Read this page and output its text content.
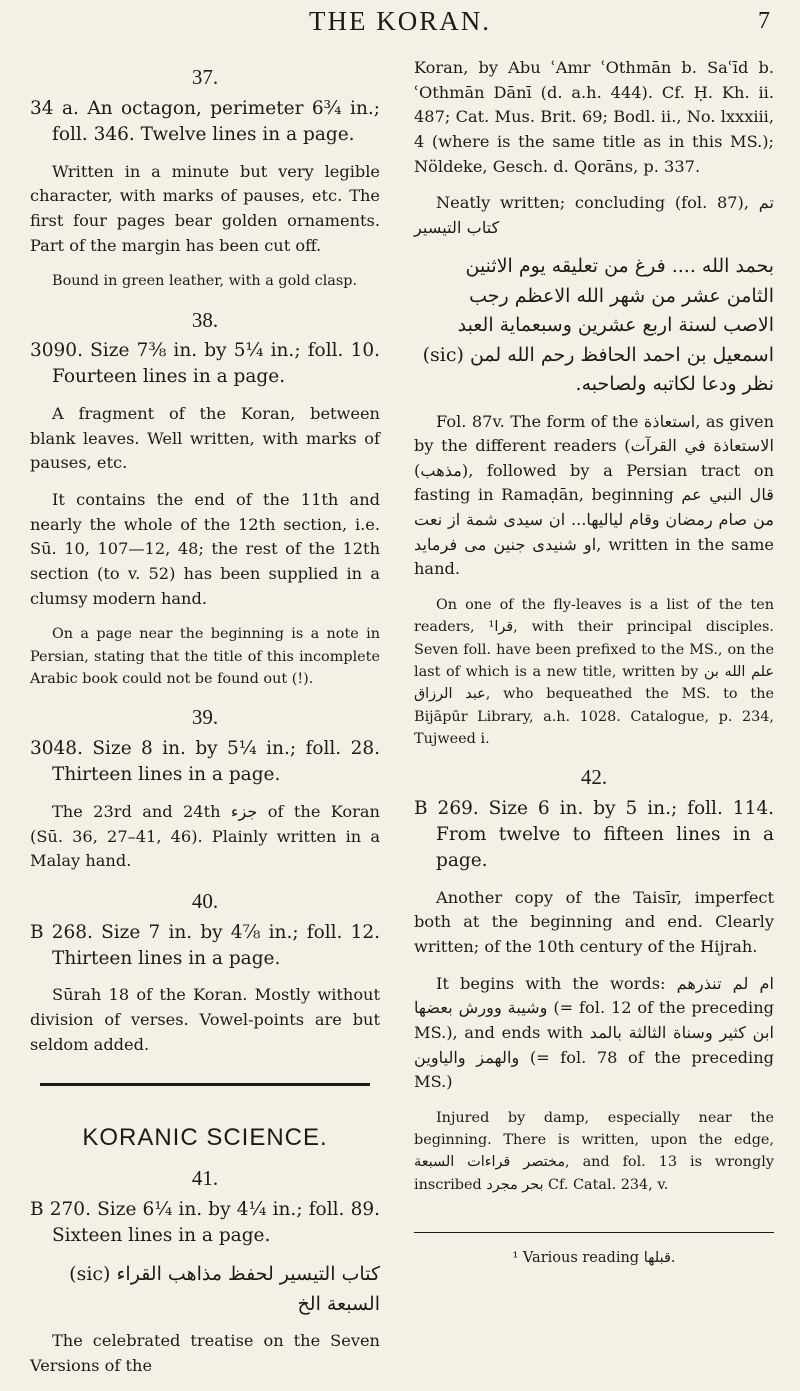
THE KORAN.	7
37.

34 a. An octagon, perimeter 6¾ in.; foll. 346. Twelve lines in a page.

Written in a minute but very legible character, with marks of pauses, etc. The first four pages bear golden ornaments. Part of the margin has been cut off.

Bound in green leather, with a gold clasp.

38.

3090. Size 7⅜ in. by 5¼ in.; foll. 10. Fourteen lines in a page.

A fragment of the Koran, between blank leaves. Well written, with marks of pauses, etc.

It contains the end of the 11th and nearly the whole of the 12th section, i.e. Sū. 10, 107—12, 48; the rest of the 12th section (to v. 52) has been supplied in a clumsy modern hand.

On a page near the beginning is a note in Persian, stating that the title of this incomplete Arabic book could not be found out (!).

39.

3048. Size 8 in. by 5¼ in.; foll. 28. Thirteen lines in a page.

The 23rd and 24th جزء of the Koran (Sū. 36, 27–41, 46). Plainly written in a Malay hand.

40.

B 268. Size 7 in. by 4⅞ in.; foll. 12. Thirteen lines in a page.

Sūrah 18 of the Koran. Mostly without division of verses. Vowel-points are but seldom added.

KORANIC SCIENCE.
41.

B 270. Size 6¼ in. by 4¼ in.; foll. 89. Sixteen lines in a page.

كتاب التيسير لحفظ مذاهب القراء (sic) السبعة الخ

The celebrated treatise on the Seven Versions of the

Koran, by Abu ʿAmr ʿOthmān b. Saʿīd b. ʿOthmān Dānī (d. a.h. 444). Cf. Ḥ. Kh. ii. 487; Cat. Mus. Brit. 69; Bodl. ii., No. lxxxiii, 4 (where is the same title as in this MS.); Nöldeke, Gesch. d. Qorāns, p. 337.

Neatly written; concluding (fol. 87), تم كتاب التيسير

بحمد الله .... فرغ من تعليقه يوم الاثنين الثامن عشر من شهر الله الاعظم رجب الاصب لسنة اربع عشرين وسبعماية العبد اسمعيل بن احمد الحافظ رحم الله لمن (sic) نظر ودعا لكاتبه ولصاحبه.

Fol. 87v. The form of the استعاذة, as given by the different readers (الاستعاذة في القرآت (مذهب), followed by a Persian tract on fasting in Ramaḍān, beginning قال النبي عم من صام رمضان وقام لياليها... ان سيدى شمة از نعت او شنيدى جنين مى فرمايد, written in the same hand.

On one of the fly-leaves is a list of the ten readers, ¹قرا, with their principal disciples. Seven foll. have been prefixed to the MS., on the last of which is a new title, written by علم الله بن عبد الرزاق, who bequeathed the MS. to the Bijāpūr Library, a.h. 1028. Catalogue, p. 234, Tujweed i.

42.

B 269. Size 6 in. by 5 in.; foll. 114. From twelve to fifteen lines in a page.

Another copy of the Taisīr, imperfect both at the beginning and end. Clearly written; of the 10th century of the Hijrah.

It begins with the words: ام لم تنذرهم وشيبة وورش بعضها (= fol. 12 of the preceding MS.), and ends with ابن كثير وسناة الثالثة بالمد والهمز والياوين (= fol. 78 of the preceding MS.)

Injured by damp, especially near the beginning. There is written, upon the edge, مختصر قراءات السبعة, and fol. 13 is wrongly inscribed بحر مجرد Cf. Catal. 234, v.

¹ Various reading قبلها.
